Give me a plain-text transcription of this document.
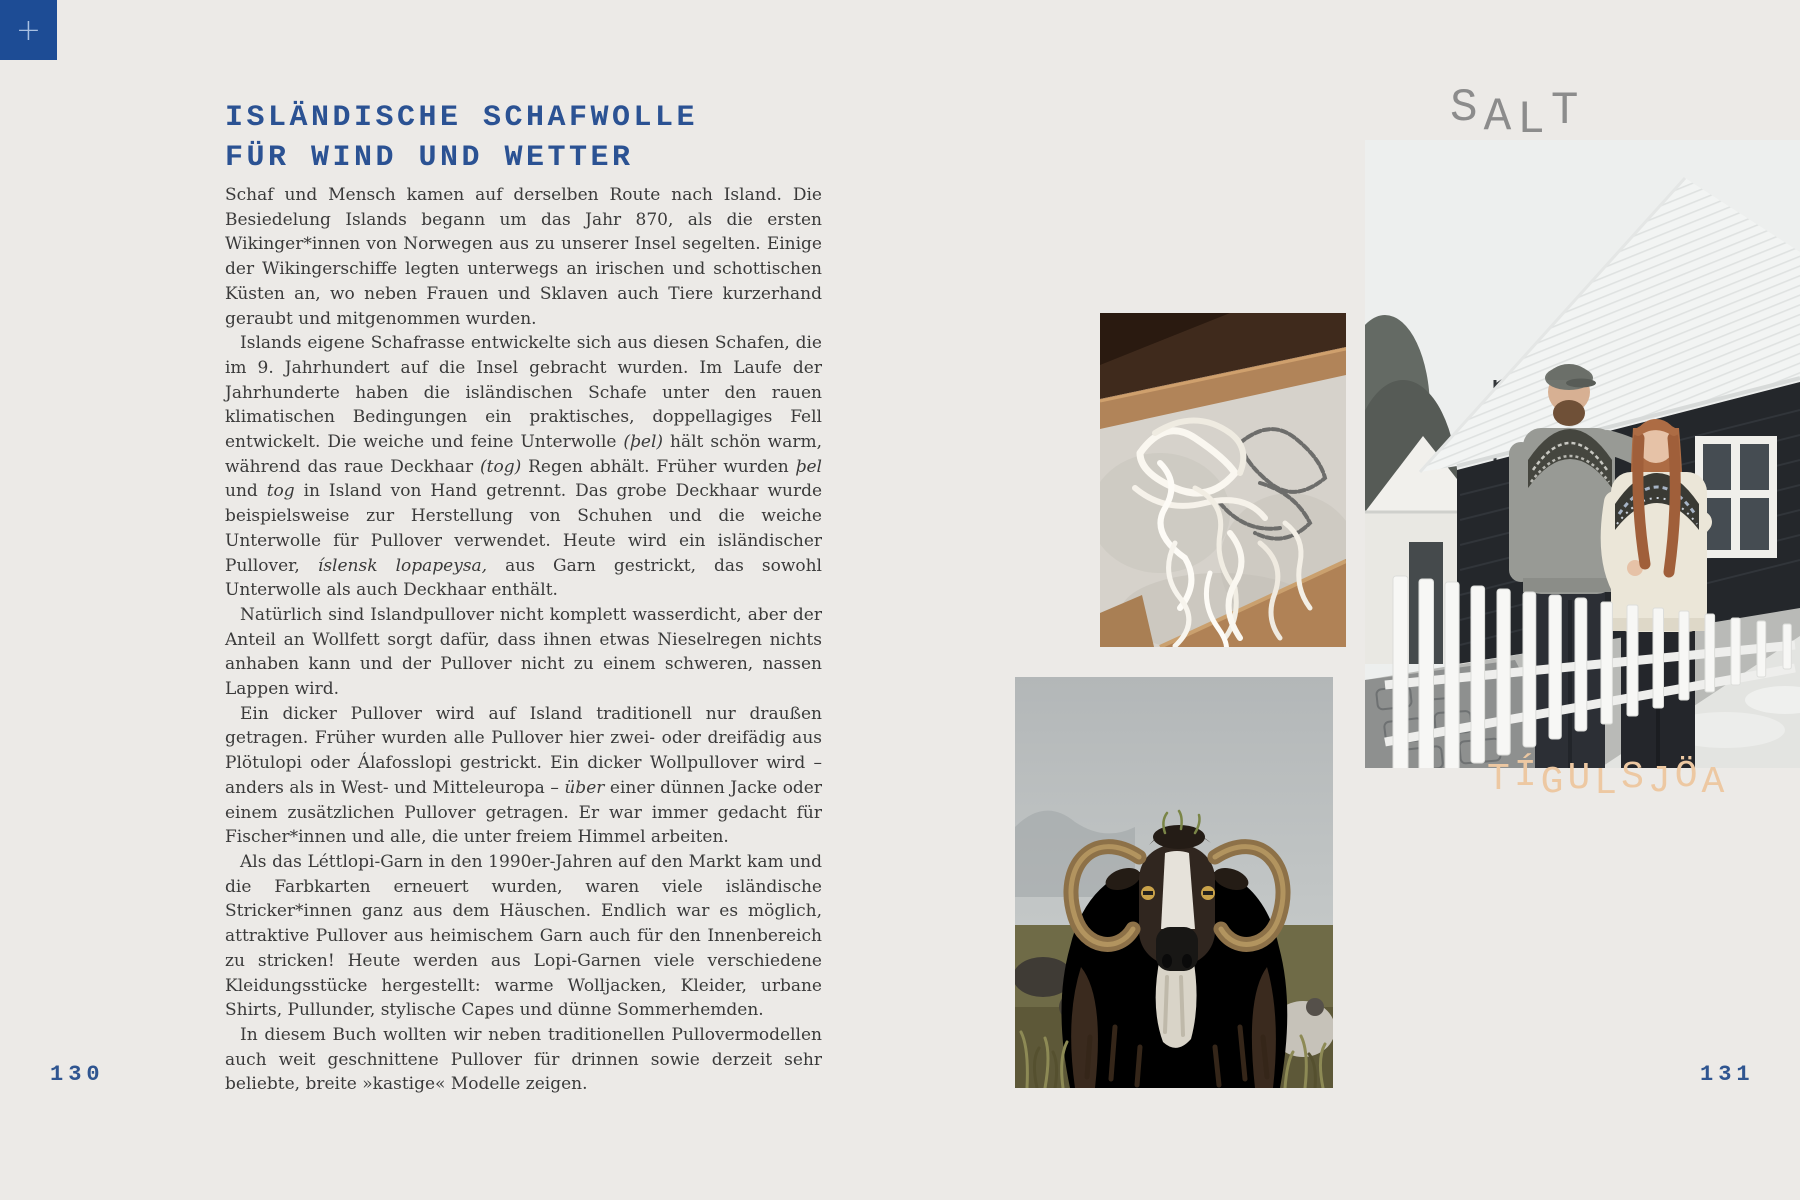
+
ISLÄNDISCHE SCHAFWOLLE
FÜR WIND UND WETTER

Schaf und Mensch kamen auf derselben Route nach Island. Die Besiedelung Islands begann um das Jahr 870, als die ersten Wikinger*innen von Norwegen aus zu unserer Insel segelten. Einige der Wikingerschiffe legten unterwegs an irischen und schottischen Küsten an, wo neben Frauen und Sklaven auch Tiere kurzerhand geraubt und mitgenommen wurden.

Islands eigene Schafrasse entwickelte sich aus diesen Schafen, die im 9. Jahrhundert auf die Insel gebracht wurden. Im Laufe der Jahrhunderte haben die isländischen Schafe unter den rauen klimatischen Bedingungen ein praktisches, doppellagiges Fell entwickelt. Die weiche und feine Unterwolle (þel) hält schön warm, während das raue Deckhaar (tog) Regen abhält. Früher wurden þel und tog in Island von Hand getrennt. Das grobe Deckhaar wurde beispielsweise zur Herstellung von Schuhen und die weiche Unterwolle für Pullover verwendet. Heute wird ein isländischer Pullover, íslensk lopapeysa, aus Garn gestrickt, das sowohl Unterwolle als auch Deckhaar enthält.

Natürlich sind Islandpullover nicht komplett wasserdicht, aber der Anteil an Wollfett sorgt dafür, dass ihnen etwas Nieselregen nichts anhaben kann und der Pullover nicht zu einem schweren, nassen Lappen wird.

Ein dicker Pullover wird auf Island traditionell nur draußen getragen. Früher wurden alle Pullover hier zwei- oder dreifädig aus Plötulopi oder Álafosslopi gestrickt. Ein dicker Wollpullover wird – anders als in West- und Mitteleuropa – über einer dünnen Jacke oder einem zusätzlichen Pullover getragen. Er war immer gedacht für Fischer*innen und alle, die unter freiem Himmel arbeiten.

Als das Léttlopi-Garn in den 1990er-Jahren auf den Markt kam und die Farbkarten erneuert wurden, waren viele isländische Stricker*innen ganz aus dem Häuschen. Endlich war es möglich, attraktive Pullover aus heimischem Garn auch für den Innenbereich zu stricken! Heute werden aus Lopi-Garnen viele verschiedene Kleidungsstücke hergestellt: warme Wolljacken, Kleider, urbane Shirts, Pullunder, stylische Capes und dünne Sommerhemden.

In diesem Buch wollten wir neben traditionellen Pullovermodellen auch weit geschnittene Pullover für drinnen sowie derzeit sehr beliebte, breite »kastige« Modelle zeigen.

130
SALT
TÍGULSJÖA
131
